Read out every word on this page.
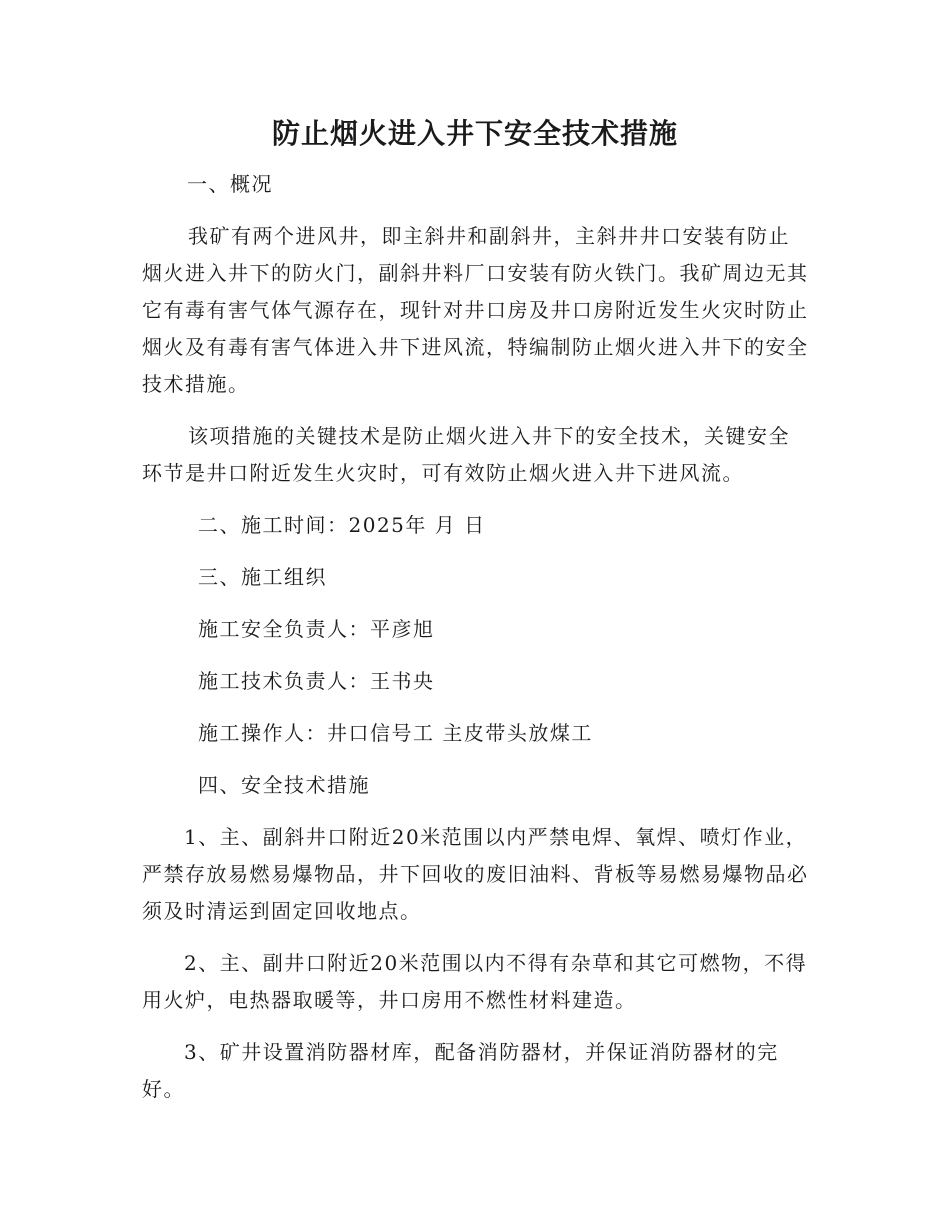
防止烟火进入井下安全技术措施

一、概况

我矿有两个进风井，即主斜井和副斜井，主斜井井口安装有防止烟火进入井下的防火门，副斜井料厂口安装有防火铁门。我矿周边无其它有毒有害气体气源存在，现针对井口房及井口房附近发生火灾时防止烟火及有毒有害气体进入井下进风流，特编制防止烟火进入井下的安全技术措施。

该项措施的关键技术是防止烟火进入井下的安全技术，关键安全环节是井口附近发生火灾时，可有效防止烟火进入井下进风流。

二、施工时间：2025年 月 日

三、施工组织

施工安全负责人：平彦旭

施工技术负责人：王书央

施工操作人：井口信号工 主皮带头放煤工

四、安全技术措施

1、主、副斜井口附近20米范围以内严禁电焊、氧焊、喷灯作业，严禁存放易燃易爆物品，井下回收的废旧油料、背板等易燃易爆物品必须及时清运到固定回收地点。

2、主、副井口附近20米范围以内不得有杂草和其它可燃物，不得用火炉，电热器取暖等，井口房用不燃性材料建造。

3、矿井设置消防器材库，配备消防器材，并保证消防器材的完好。
